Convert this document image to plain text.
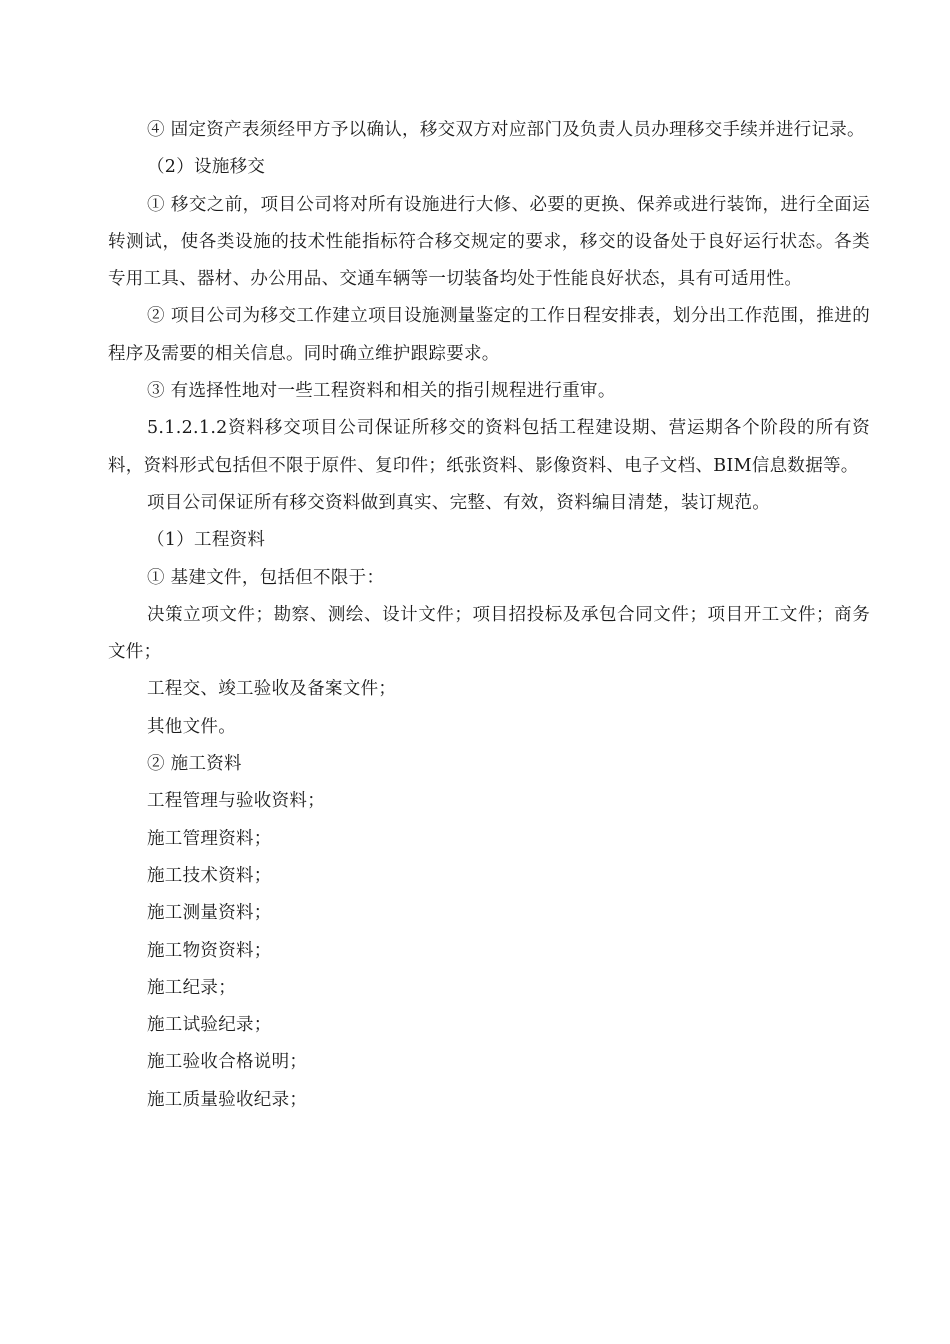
④ 固定资产表须经甲方予以确认，移交双方对应部门及负责人员办理移交手续并进行记录。

（2）设施移交

① 移交之前，项目公司将对所有设施进行大修、必要的更换、保养或进行装饰，进行全面运转测试，使各类设施的技术性能指标符合移交规定的要求，移交的设备处于良好运行状态。各类专用工具、器材、办公用品、交通车辆等一切装备均处于性能良好状态，具有可适用性。

② 项目公司为移交工作建立项目设施测量鉴定的工作日程安排表，划分出工作范围，推进的程序及需要的相关信息。同时确立维护跟踪要求。

③ 有选择性地对一些工程资料和相关的指引规程进行重审。

5.1.2.1.2资料移交项目公司保证所移交的资料包括工程建设期、营运期各个阶段的所有资料，资料形式包括但不限于原件、复印件；纸张资料、影像资料、电子文档、BIM信息数据等。

项目公司保证所有移交资料做到真实、完整、有效，资料编目清楚，装订规范。

（1）工程资料

① 基建文件，包括但不限于：

决策立项文件；勘察、测绘、设计文件；项目招投标及承包合同文件；项目开工文件；商务文件；

工程交、竣工验收及备案文件；

其他文件。

② 施工资料

工程管理与验收资料；

施工管理资料；

施工技术资料；

施工测量资料；

施工物资资料；

施工纪录；

施工试验纪录；

施工验收合格说明；

施工质量验收纪录；
